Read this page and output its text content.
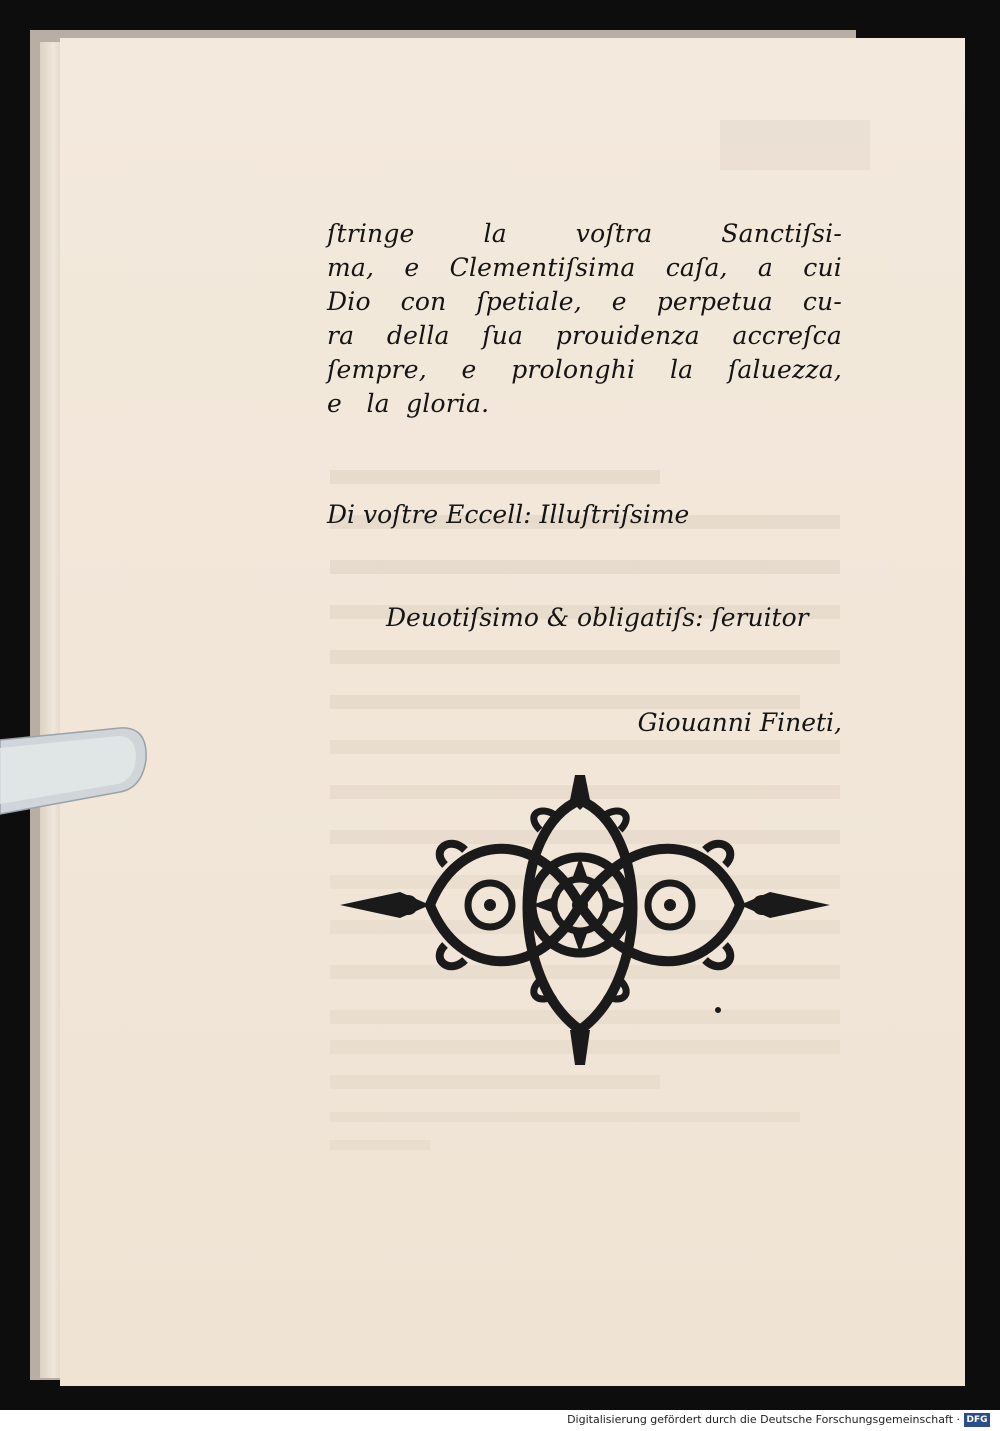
ſtringe	la	voſtra	Sanctiſsi-
ma, e Clementiſsima caſa, a cui
Dio con ſpetiale, e perpetua cu-
ra della ſua prouidenza accreſca
ſempre, e prolonghi la ſaluezza,
e la gloria.
Di voſtre Eccell: Illuſtriſsime
Deuotiſsimo & obligatiſs: ſeruitor
Giouanni Fineti,
Digitalisierung gefördert durch die Deutsche Forschungsgemeinschaft · DFG
